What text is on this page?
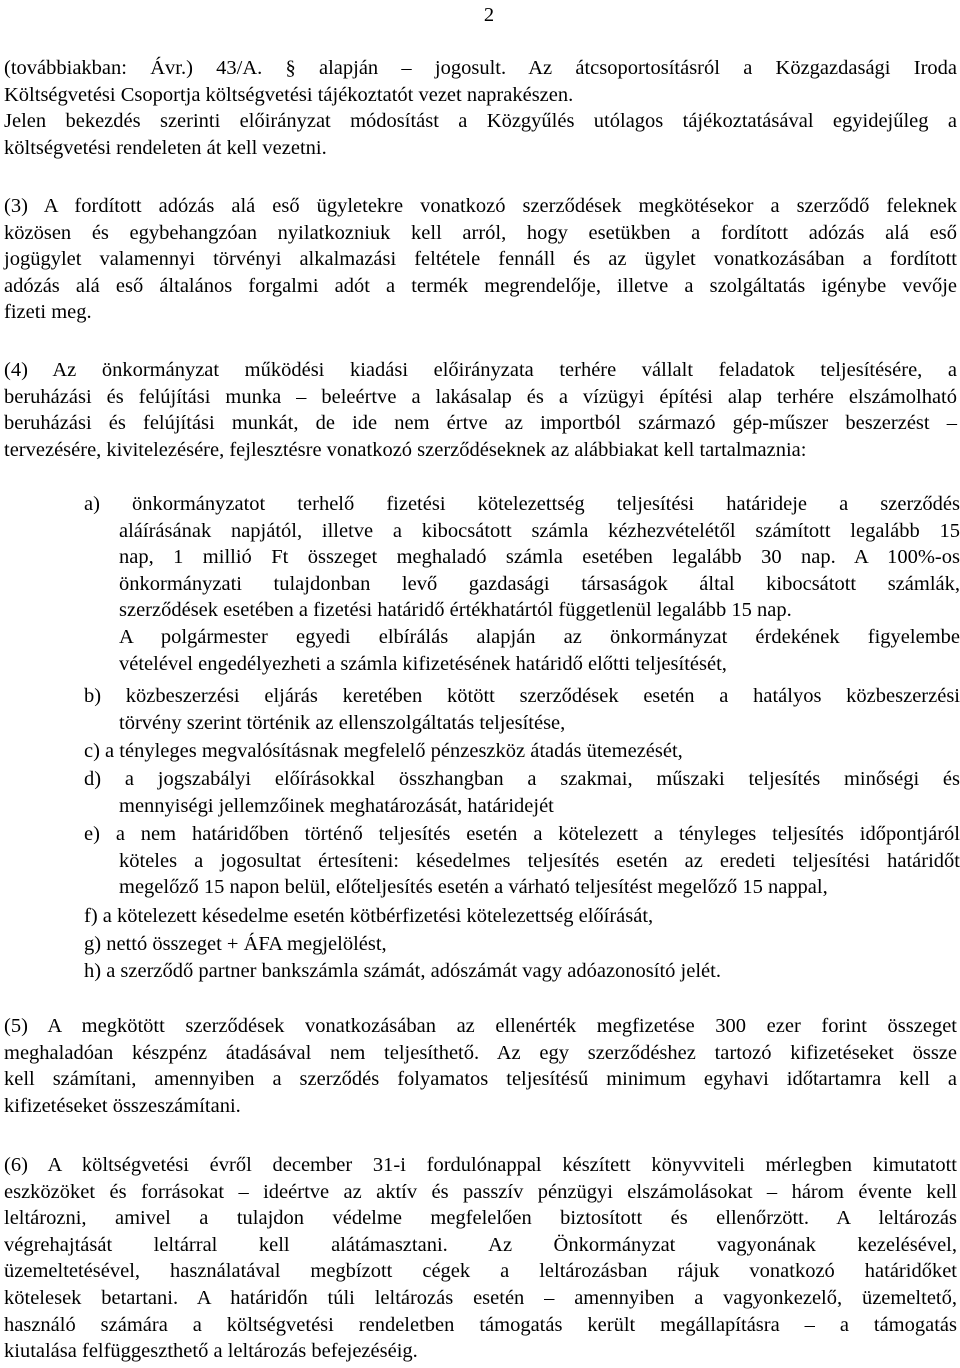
2
(továbbiakban: Ávr.) 43/A. § alapján – jogosult. Az átcsoportosításról a Közgazdasági Iroda
Költségvetési Csoportja költségvetési tájékoztatót vezet naprakészen.
Jelen bekezdés szerinti előirányzat módosítást a Közgyűlés utólagos tájékoztatásával egyidejűleg a
költségvetési rendeleten át kell vezetni.
(3) A fordított adózás alá eső ügyletekre vonatkozó szerződések megkötésekor a szerződő feleknek
közösen és egybehangzóan nyilatkozniuk kell arról, hogy esetükben a fordított adózás alá eső
jogügylet valamennyi törvényi alkalmazási feltétele fennáll és az ügylet vonatkozásában a fordított
adózás alá eső általános forgalmi adót a termék megrendelője, illetve a szolgáltatás igénybe vevője
fizeti meg.
(4) Az önkormányzat működési kiadási előirányzata terhére vállalt feladatok teljesítésére, a
beruházási és felújítási munka – beleértve a lakásalap és a vízügyi építési alap terhére elszámolható
beruházási és felújítási munkát, de ide nem értve az importból származó gép-műszer beszerzést –
tervezésére, kivitelezésére, fejlesztésre vonatkozó szerződéseknek az alábbiakat kell tartalmaznia:
a) önkormányzatot terhelő fizetési kötelezettség teljesítési határideje a szerződés
aláírásának napjától, illetve a kibocsátott számla kézhezvételétől számított legalább 15
nap, 1 millió Ft összeget meghaladó számla esetében legalább 30 nap. A 100%-os
önkormányzati tulajdonban levő gazdasági társaságok által kibocsátott számlák,
szerződések esetében a fizetési határidő értékhatártól függetlenül legalább 15 nap.
A polgármester egyedi elbírálás alapján az önkormányzat érdekének figyelembe
vételével engedélyezheti a számla kifizetésének határidő előtti teljesítését,
b) közbeszerzési eljárás keretében kötött szerződések esetén a hatályos közbeszerzési
törvény szerint történik az ellenszolgáltatás teljesítése,
c) a tényleges megvalósításnak megfelelő pénzeszköz átadás ütemezését,
d) a jogszabályi előírásokkal összhangban a szakmai, műszaki teljesítés minőségi és
mennyiségi jellemzőinek meghatározását, határidejét
e) a nem határidőben történő teljesítés esetén a kötelezett a tényleges teljesítés időpontjáról
köteles a jogosultat értesíteni: késedelmes teljesítés esetén az eredeti teljesítési határidőt
megelőző 15 napon belül, előteljesítés esetén a várható teljesítést megelőző 15 nappal,
f) a kötelezett késedelme esetén kötbérfizetési kötelezettség előírását,
g) nettó összeget + ÁFA megjelölést,
h) a szerződő partner bankszámla számát, adószámát vagy adóazonosító jelét.
(5) A megkötött szerződések vonatkozásában az ellenérték megfizetése 300 ezer forint összeget
meghaladóan készpénz átadásával nem teljesíthető. Az egy szerződéshez tartozó kifizetéseket össze
kell számítani, amennyiben a szerződés folyamatos teljesítésű minimum egyhavi időtartamra kell a
kifizetéseket összeszámítani.
(6) A költségvetési évről december 31-i fordulónappal készített könyvviteli mérlegben kimutatott
eszközöket és forrásokat – ideértve az aktív és passzív pénzügyi elszámolásokat – három évente kell
leltározni, amivel a tulajdon védelme megfelelően biztosított és ellenőrzött. A leltározás
végrehajtását leltárral kell alátámasztani. Az Önkormányzat vagyonának kezelésével,
üzemeltetésével, használatával megbízott cégek a leltározásban rájuk vonatkozó határidőket
kötelesek betartani. A határidőn túli leltározás esetén – amennyiben a vagyonkezelő, üzemeltető,
használó számára a költségvetési rendeletben támogatás került megállapításra – a támogatás
kiutalása felfüggeszthető a leltározás befejezéséig.
